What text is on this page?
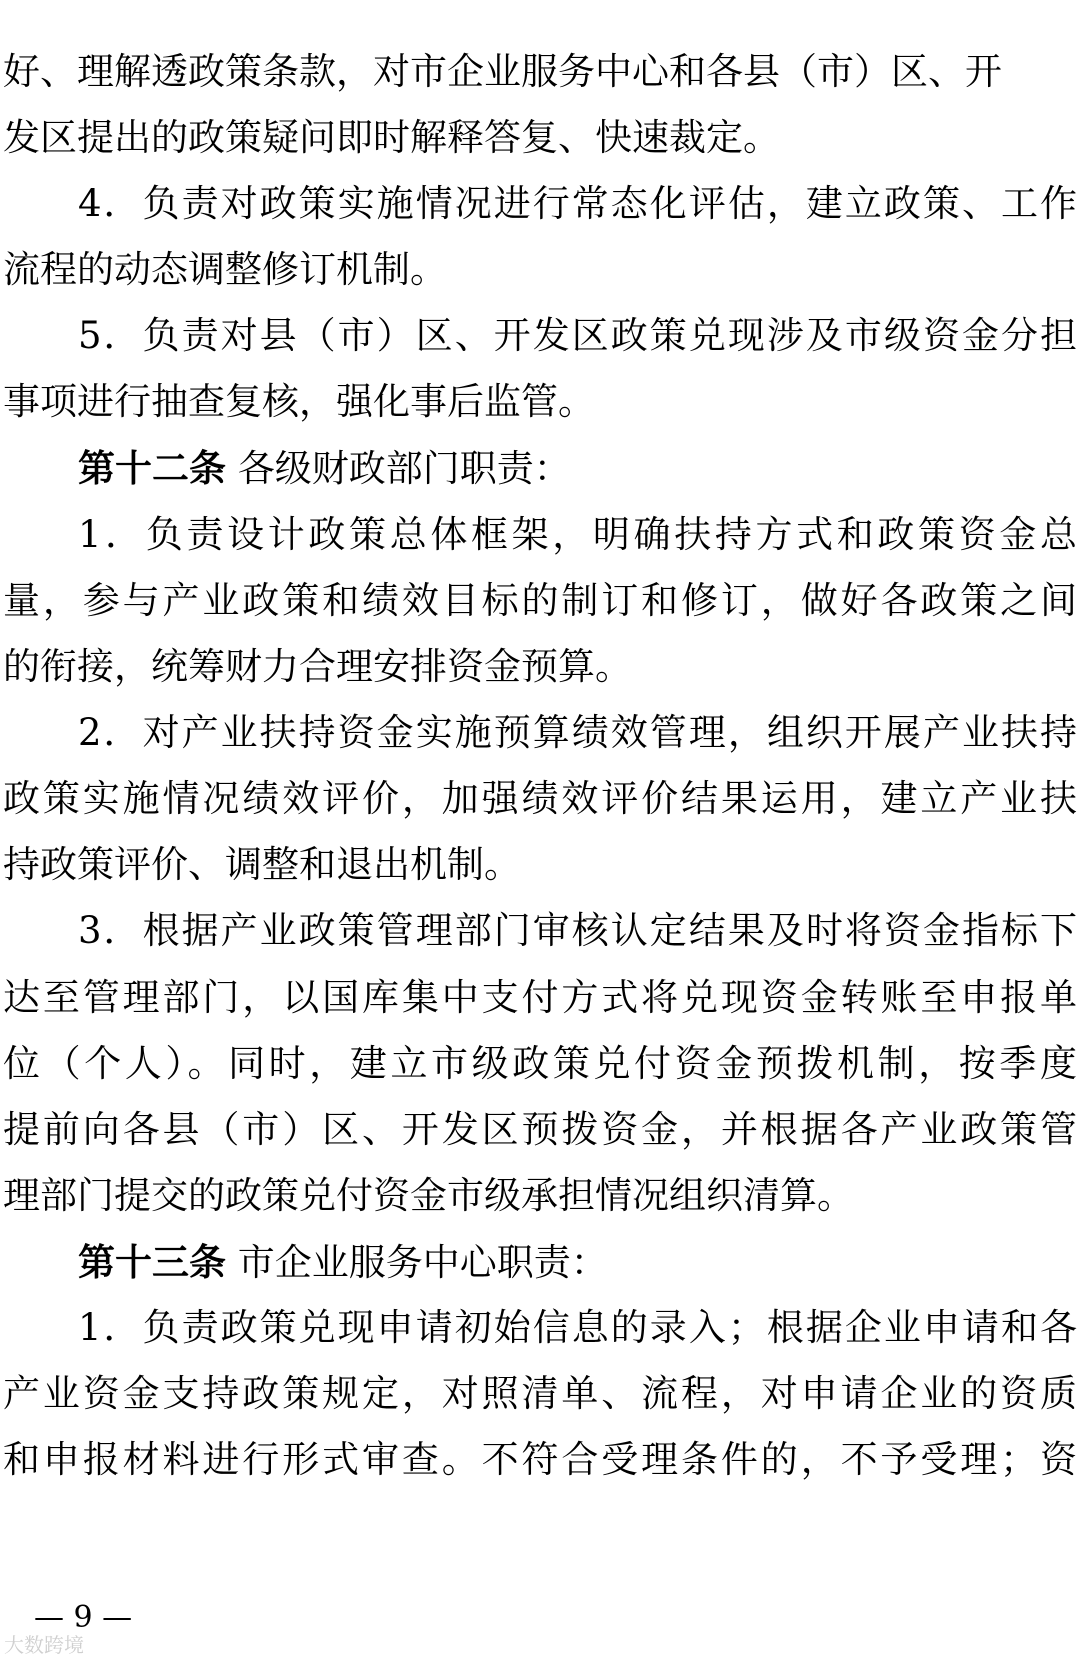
好、理解透政策条款，对市企业服务中心和各县（市）区、开
发区提出的政策疑问即时解释答复、快速裁定。
4．负责对政策实施情况进行常态化评估，建立政策、工作
流程的动态调整修订机制。
5．负责对县（市）区、开发区政策兑现涉及市级资金分担
事项进行抽查复核，强化事后监管。
第十二条 各级财政部门职责：
1．负责设计政策总体框架，明确扶持方式和政策资金总
量，参与产业政策和绩效目标的制订和修订，做好各政策之间
的衔接，统筹财力合理安排资金预算。
2．对产业扶持资金实施预算绩效管理，组织开展产业扶持
政策实施情况绩效评价，加强绩效评价结果运用，建立产业扶
持政策评价、调整和退出机制。
3．根据产业政策管理部门审核认定结果及时将资金指标下
达至管理部门，以国库集中支付方式将兑现资金转账至申报单
位（个人）。同时，建立市级政策兑付资金预拨机制，按季度
提前向各县（市）区、开发区预拨资金，并根据各产业政策管
理部门提交的政策兑付资金市级承担情况组织清算。
第十三条 市企业服务中心职责：
1．负责政策兑现申请初始信息的录入；根据企业申请和各
产业资金支持政策规定，对照清单、流程，对申请企业的资质
和申报材料进行形式审查。不符合受理条件的，不予受理；资
— 9 —
大数跨境
